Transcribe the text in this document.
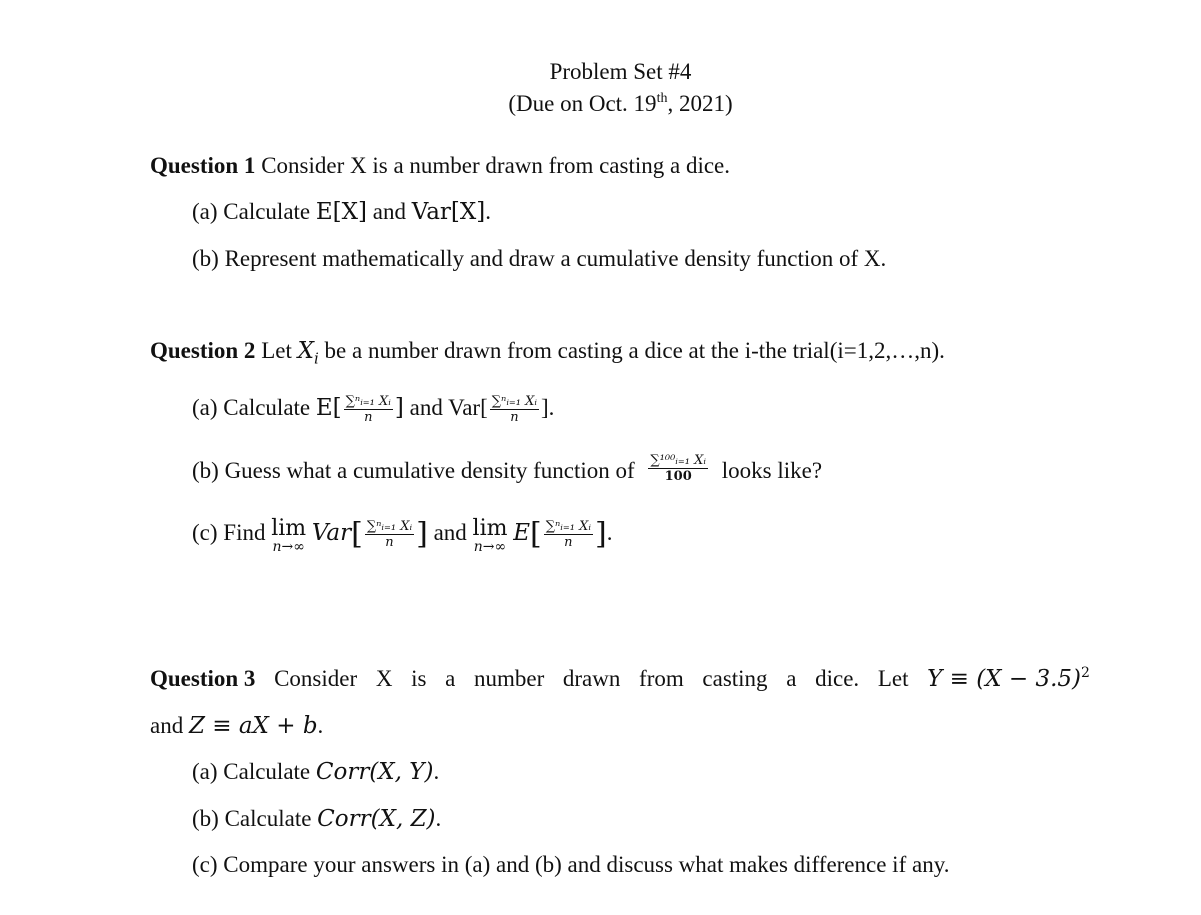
Problem Set #4
(Due on Oct. 19th, 2021)
Question 1 Consider X is a number drawn from casting a dice.
(a) Calculate E[X] and Var[X].
(b) Represent mathematically and draw a cumulative density function of X.
Question 2 Let $X_i$ be a number drawn from casting a dice at the i-the trial(i=1,2,…,n).
(a) Calculate $E[ \frac{\text{∑ⁿᵢ₌₁ Xᵢ}}{n}$ ] and $Var[ \frac{\text{∑ⁿᵢ₌₁ Xᵢ}}{n}$ ].
(b) Guess what a cumulative density function of $\frac{\text{∑¹⁰⁰ᵢ₌₁ Xᵢ}}{100}$ looks like?
(c) Find lim
n→∞
$Var[ \frac{\text{∑ⁿᵢ₌₁ Xᵢ}}{n}$ ] and lim
n→∞
$E[ \frac{\text{∑ⁿᵢ₌₁ Xᵢ}}{n}$ ].
Question 3 Consider X is a number drawn from casting a dice. Let $Y \equiv (X - 3.5)^2$
and Z ≡ aX + b.
(a) Calculate Corr(X, Y).
(b) Calculate Corr(X, Z).
(c) Compare your answers in (a) and (b) and discuss what makes difference if any.
